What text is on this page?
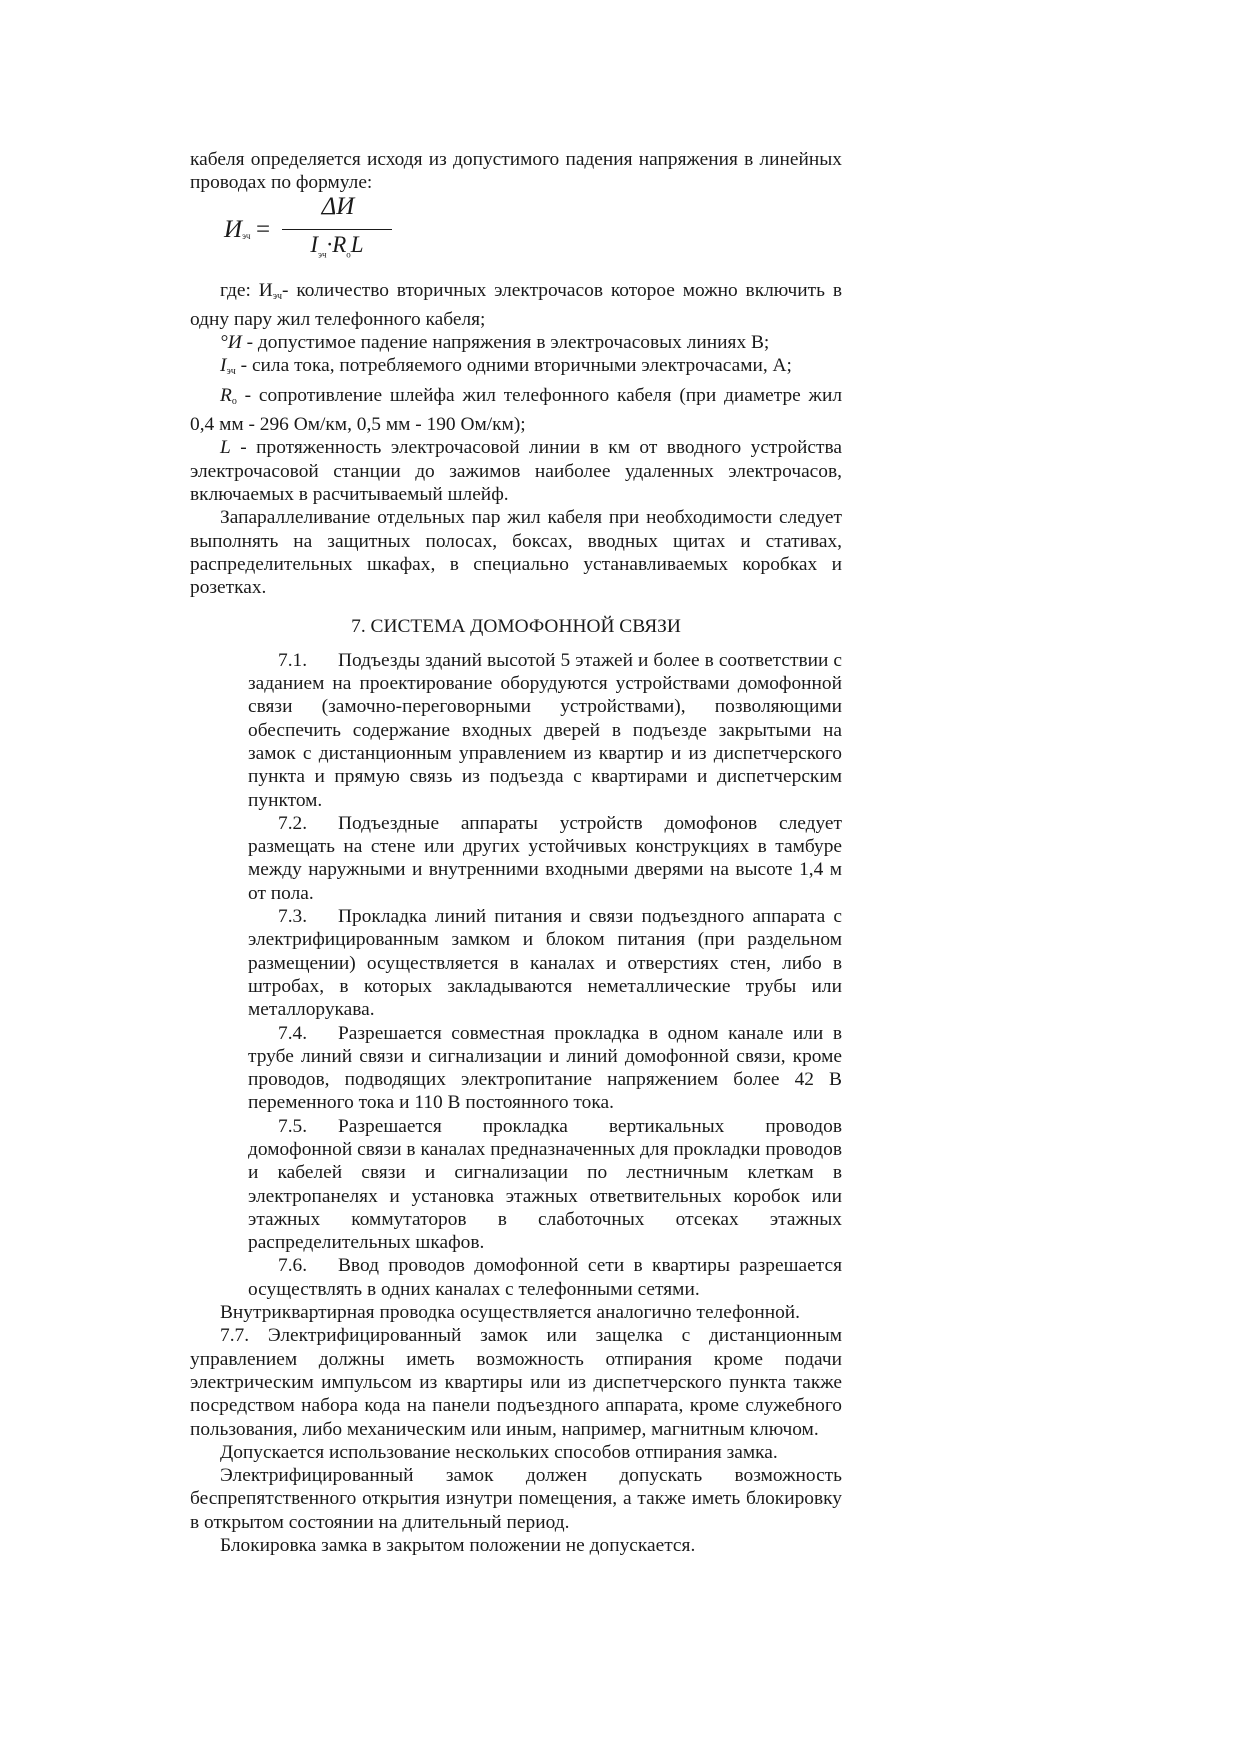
кабеля определяется исходя из допустимого падения напряжения в линейных проводах по формуле:

$И_{эч}$ =
ΔИ
$I_{эч}\cdot R_оL$

где: $И_{эч}-$ количество вторичных электрочасов которое можно включить в одну пару жил телефонного кабеля;

°И - допустимое падение напряжения в электрочасовых линиях В;

$I_{эч}$ - сила тока, потребляемого одними вторичными электрочасами, А;

$R_о$ - сопротивление шлейфа жил телефонного кабеля (при диаметре жил 0,4 мм - 296 Ом/км, 0,5 мм - 190 Ом/км);

L - протяженность электрочасовой линии в км от вводного устройства электрочасовой станции до зажимов наиболее удаленных электрочасов, включаемых в расчитываемый шлейф.

Запараллеливание отдельных пар жил кабеля при необходимости следует выполнять на защитных полосах, боксах, вводных щитах и стативах, распределительных шкафах, в специально устанавливаемых коробках и розетках.

7. СИСТЕМА ДОМОФОННОЙ СВЯЗИ

7.1. Подъезды зданий высотой 5 этажей и более в соответствии с заданием на проектирование оборудуются устройствами домофонной связи (замочно-переговорными устройствами), позволяющими обеспечить содержание входных дверей в подъезде закрытыми на замок с дистанционным управлением из квартир и из диспетчерского пункта и прямую связь из подъезда с квартирами и диспетчерским пунктом.

7.2. Подъездные аппараты устройств домофонов следует размещать на стене или других устойчивых конструкциях в тамбуре между наружными и внутренними входными дверями на высоте 1,4 м от пола.

7.3. Прокладка линий питания и связи подъездного аппарата с электрифицированным замком и блоком питания (при раздельном размещении) осуществляется в каналах и отверстиях стен, либо в штробах, в которых закладываются неметаллические трубы или металлорукава.

7.4. Разрешается совместная прокладка в одном канале или в трубе линий связи и сигнализации и линий домофонной связи, кроме проводов, подводящих электропитание напряжением более 42 В переменного тока и 110 В постоянного тока.

7.5. Разрешается прокладка вертикальных проводов домофонной связи в каналах предназначенных для прокладки проводов и кабелей связи и сигнализации по лестничным клеткам в электропанелях и установка этажных ответвительных коробок или этажных коммутаторов в слаботочных отсеках этажных распределительных шкафов.

7.6. Ввод проводов домофонной сети в квартиры разрешается осуществлять в одних каналах с телефонными сетями.

Внутриквартирная проводка осуществляется аналогично телефонной.

7.7. Электрифицированный замок или защелка с дистанционным управлением должны иметь возможность отпирания кроме подачи электрическим импульсом из квартиры или из диспетчерского пункта также посредством набора кода на панели подъездного аппарата, кроме служебного пользования, либо механическим или иным, например, магнитным ключом.

Допускается использование нескольких способов отпирания замка.

Электрифицированный замок должен допускать возможность беспрепятственного открытия изнутри помещения, а также иметь блокировку в открытом состоянии на длительный период.

Блокировка замка в закрытом положении не допускается.
